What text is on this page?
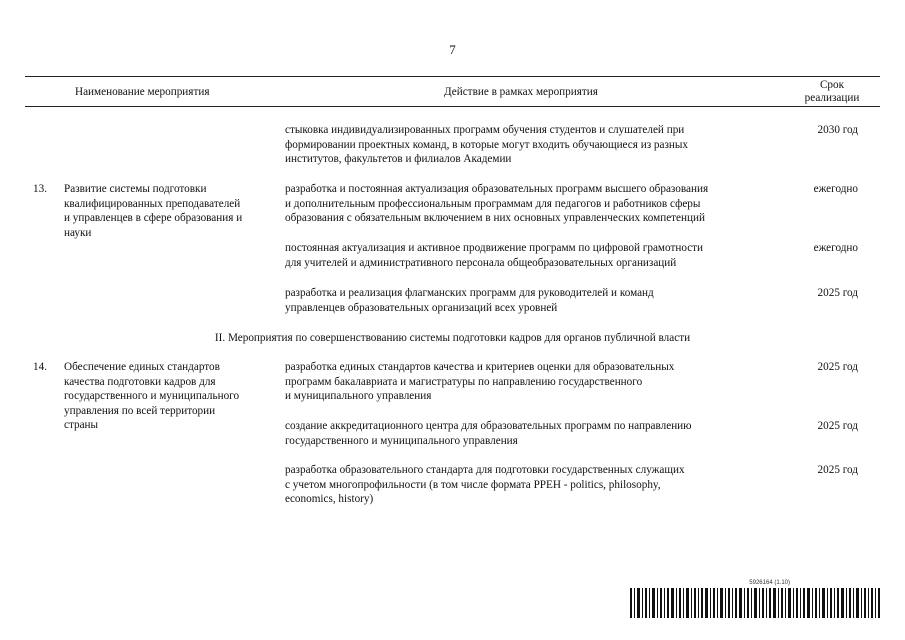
7
Наименование мероприятия	Действие в рамках мероприятия
Срок
реализации
стыковка индивидуализированных программ обучения студентов и слушателей при
формировании проектных команд, в которые могут входить обучающиеся из разных
институтов, факультетов и филиалов Академии
2030 год
13. Развитие системы подготовки
квалифицированных преподавателей
и управленцев в сфере образования и
науки
разработка и постоянная актуализация образовательных программ высшего образования
и дополнительным профессиональным программам для педагогов и работников сферы
образования с обязательным включением в них основных управленческих компетенций
ежегодно
постоянная актуализация и активное продвижение программ по цифровой грамотности
для учителей и административного персонала общеобразовательных организаций
ежегодно
разработка и реализация флагманских программ для руководителей и команд
управленцев образовательных организаций всех уровней
2025 год
II. Мероприятия по совершенствованию системы подготовки кадров для органов публичной власти
14. Обеспечение единых стандартов
качества подготовки кадров для
государственного и муниципального
управления по всей территории
страны
разработка единых стандартов качества и критериев оценки для образовательных
программ бакалавриата и магистратуры по направлению государственного
и муниципального управления
2025 год
создание аккредитационного центра для образовательных программ по направлению
государственного и муниципального управления
2025 год
разработка образовательного стандарта для подготовки государственных служащих
с учетом многопрофильности (в том числе формата PPEH - politics, philosophy,
economics, history)
2025 год
5926164 (1.10)
